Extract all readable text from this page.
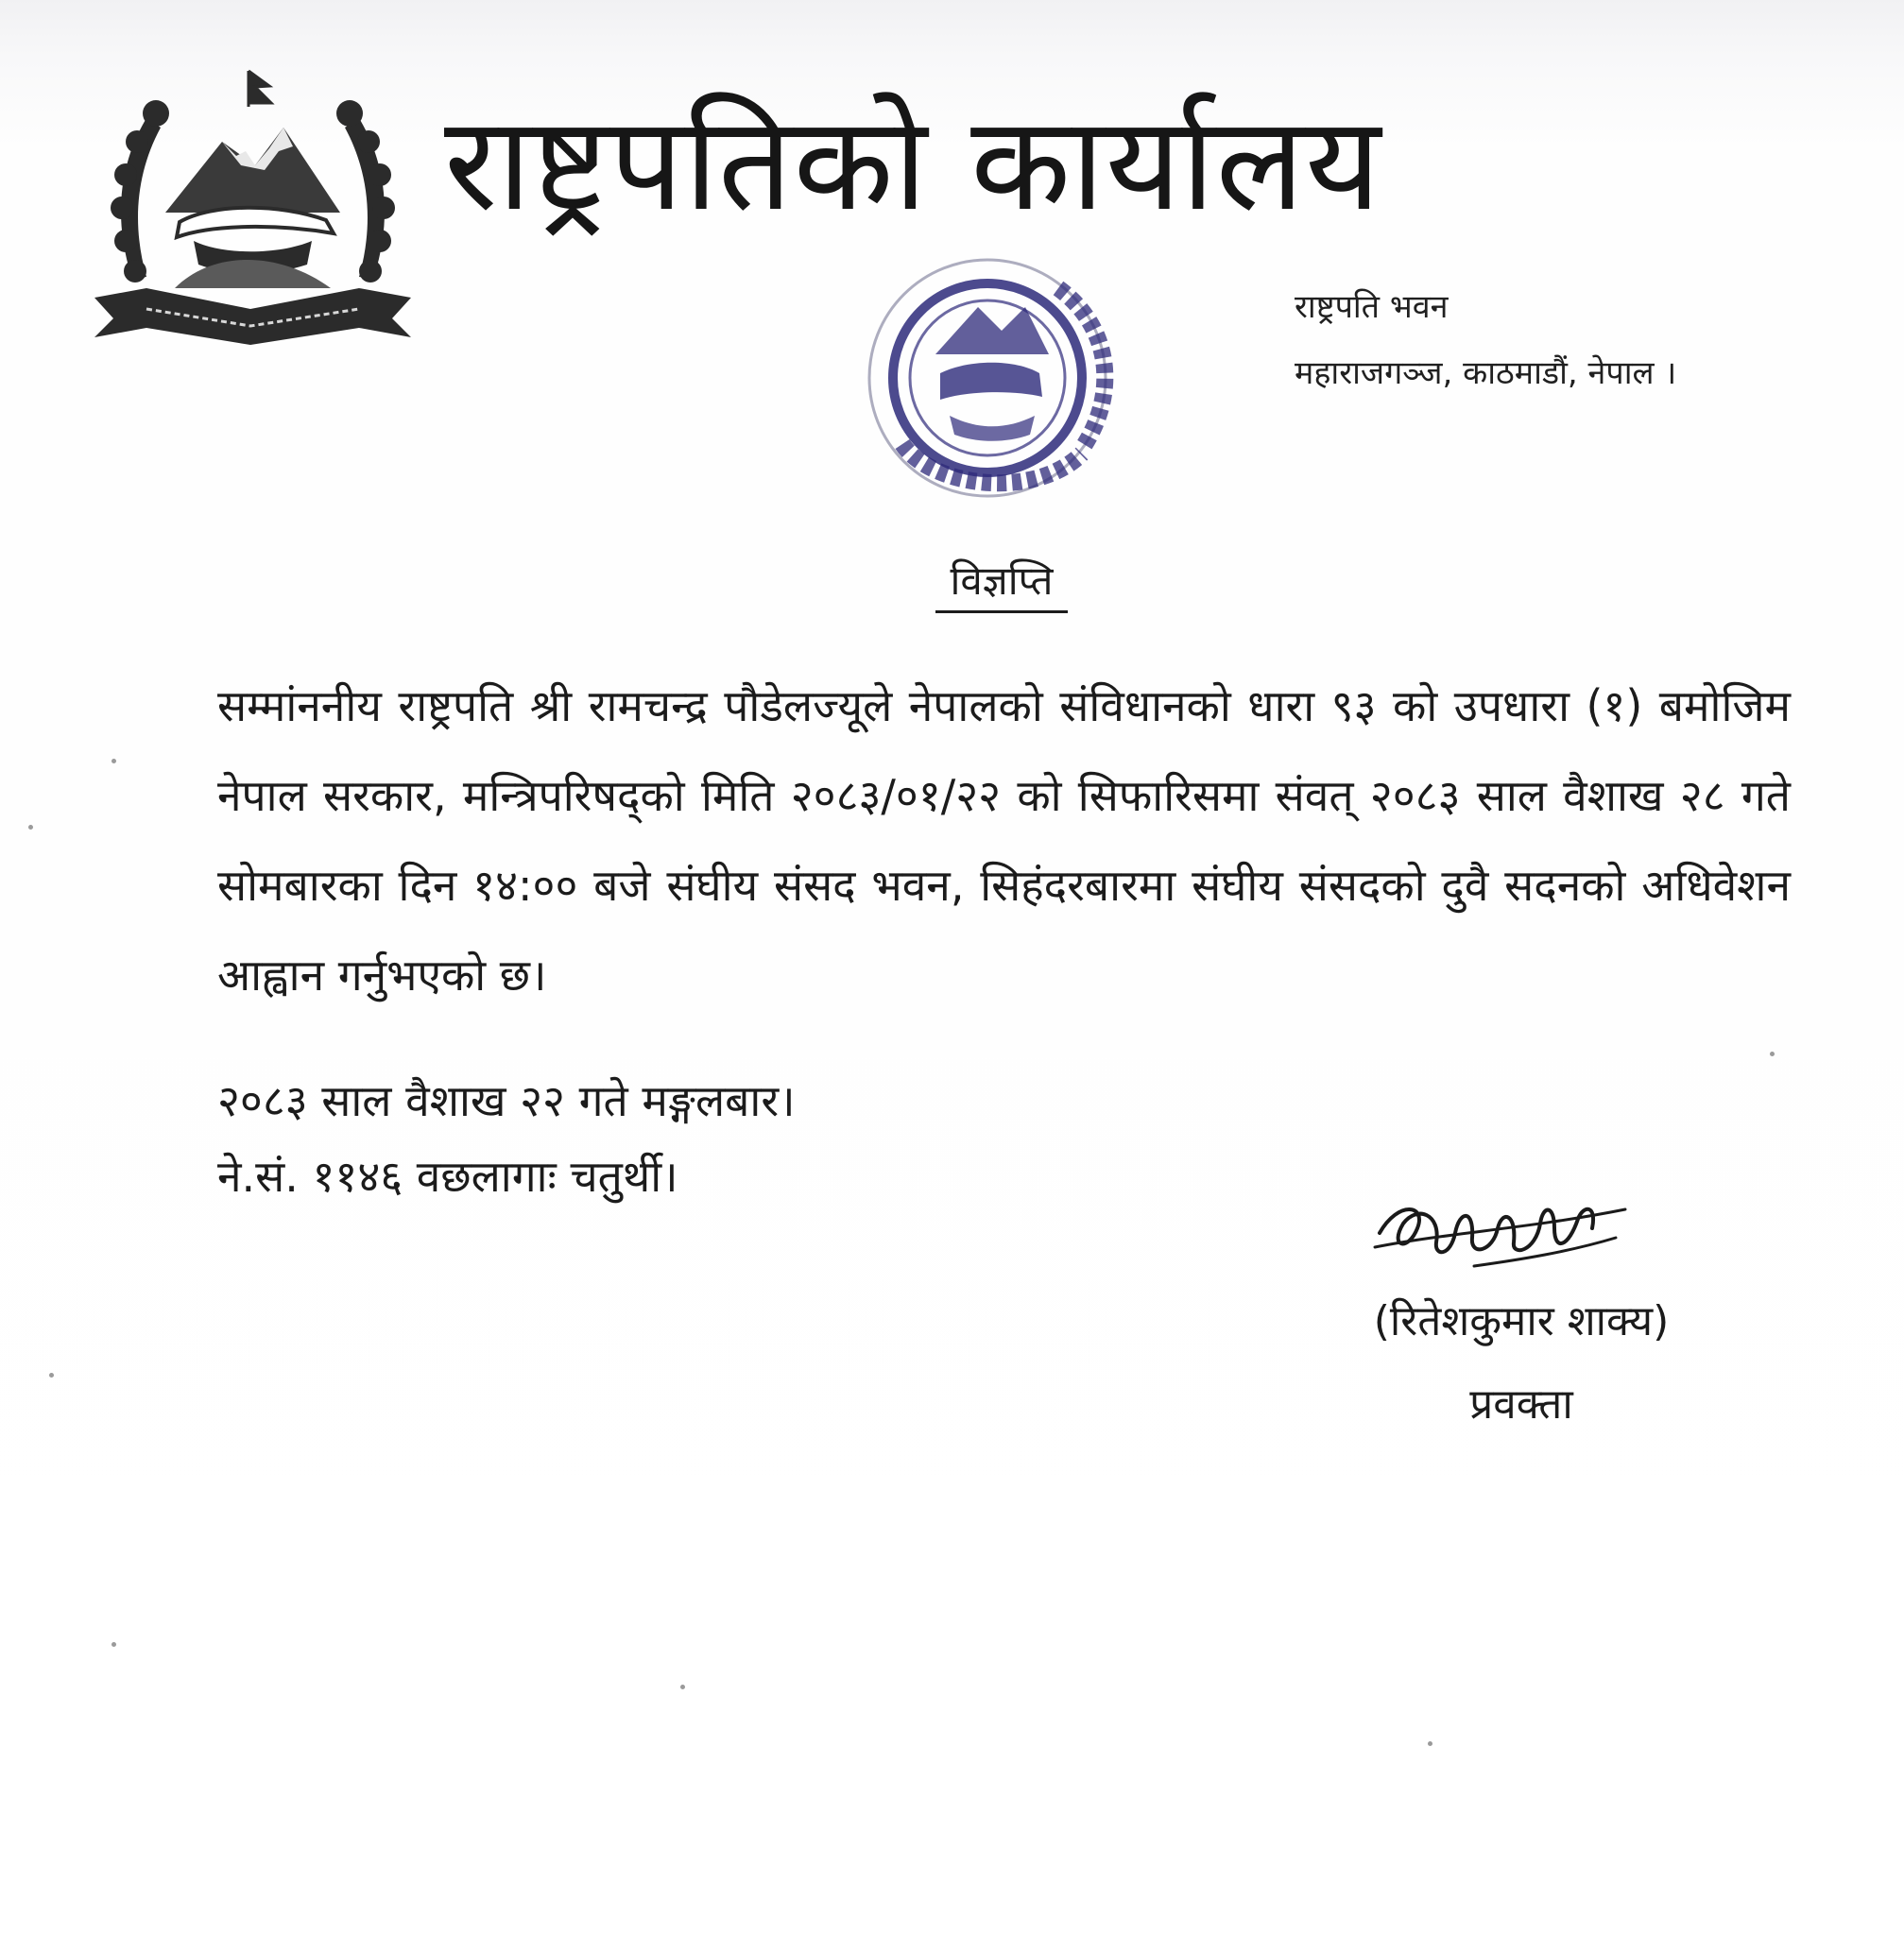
राष्ट्रपतिको कार्यालय
राष्ट्रपति भवन
महाराजगञ्ज, काठमाडौं, नेपाल ।
विज्ञप्ति
सम्मांननीय राष्ट्रपति श्री रामचन्द्र पौडेलज्यूले नेपालको संविधानको धारा ९३ को उपधारा (१) बमोजिम नेपाल सरकार, मन्त्रिपरिषद्को मिति २०८३/०१/२२ को सिफारिसमा संवत् २०८३ साल वैशाख २८ गते सोमबारका दिन १४:०० बजे संघीय संसद भवन, सिहंदरबारमा संघीय संसदको दुवै सदनको अधिवेशन आह्वान गर्नुभएको छ।
२०८३ साल वैशाख २२ गते मङ्गलबार।
ने.सं. ११४६ वछलागाः चतुर्थी।
(रितेशकुमार शाक्य)
प्रवक्ता
